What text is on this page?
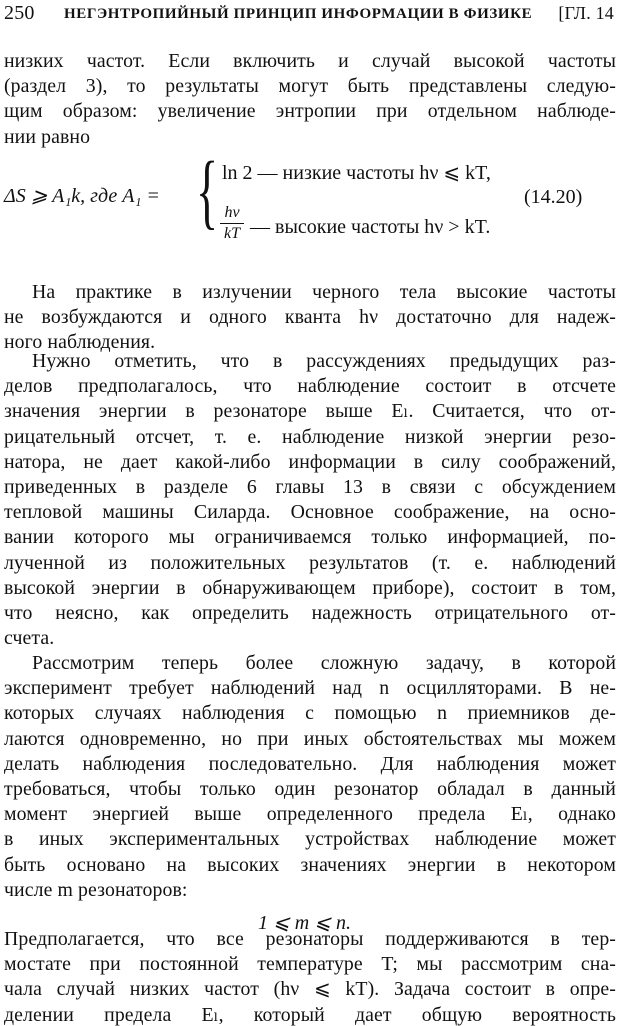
250 НЕГЭНТРОПИЙНЫЙ ПРИНЦИП ИНФОРМАЦИИ В ФИЗИКЕ [ГЛ. 14
низких частот. Если включить и случай высокой частоты
(раздел 3), то результаты могут быть представлены следую-
щим образом: увеличение энтропии при отдельном наблюде-
нии равно
ΔS ⩾ A₁k, где A₁ = { ln 2 — низкие частоты hν ⩽ kT,
hν
kT — высокие частоты hν > kT.
(14.20)
На практике в излучении черного тела высокие частоты
не возбуждаются и одного кванта hν достаточно для надеж-
ного наблюдения.
Нужно отметить, что в рассуждениях предыдущих раз-
делов предполагалось, что наблюдение состоит в отсчете
значения энергии в резонаторе выше Eₗ. Считается, что от-
рицательный отсчет, т. е. наблюдение низкой энергии резо-
натора, не дает какой-либо информации в силу соображений,
приведенных в разделе 6 главы 13 в связи с обсуждением
тепловой машины Силарда. Основное соображение, на осно-
вании которого мы ограничиваемся только информацией, по-
лученной из положительных результатов (т. е. наблюдений
высокой энергии в обнаруживающем приборе), состоит в том,
что неясно, как определить надежность отрицательного от-
счета.
Рассмотрим теперь более сложную задачу, в которой
эксперимент требует наблюдений над n осцилляторами. В не-
которых случаях наблюдения с помощью n приемников де-
лаются одновременно, но при иных обстоятельствах мы можем
делать наблюдения последовательно. Для наблюдения может
требоваться, чтобы только один резонатор обладал в данный
момент энергией выше определенного предела Eₗ, однако
в иных экспериментальных устройствах наблюдение может
быть основано на высоких значениях энергии в некотором
числе m резонаторов:
1 ⩽ m ⩽ n.
Предполагается, что все резонаторы поддерживаются в тер-
мостате при постоянной температуре T; мы рассмотрим сна-
чала случай низких частот (hν ⩽ kT). Задача состоит в опре-
делении предела Eₗ, который дает общую вероятность
